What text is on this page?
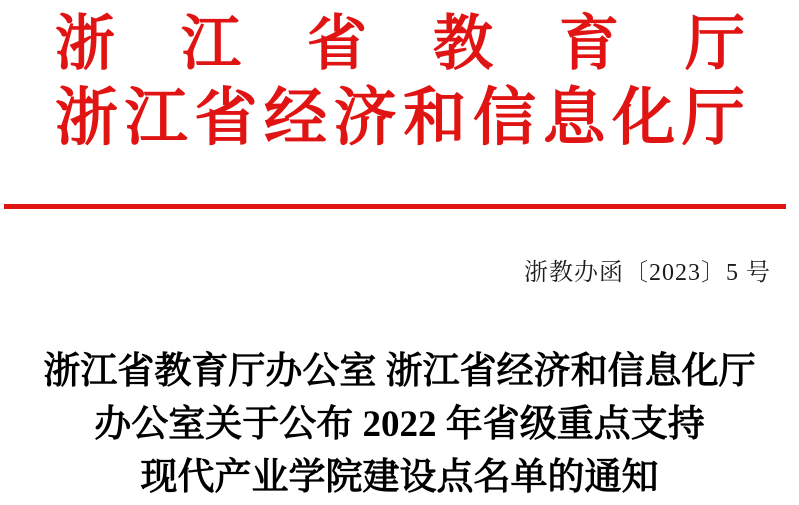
浙 江 省 教 育 厅
浙 江 省 经 济 和 信 息 化 厅
浙教办函〔2023〕5 号
浙江省教育厅办公室 浙江省经济和信息化厅
办公室关于公布 2022 年省级重点支持
现代产业学院建设点名单的通知
